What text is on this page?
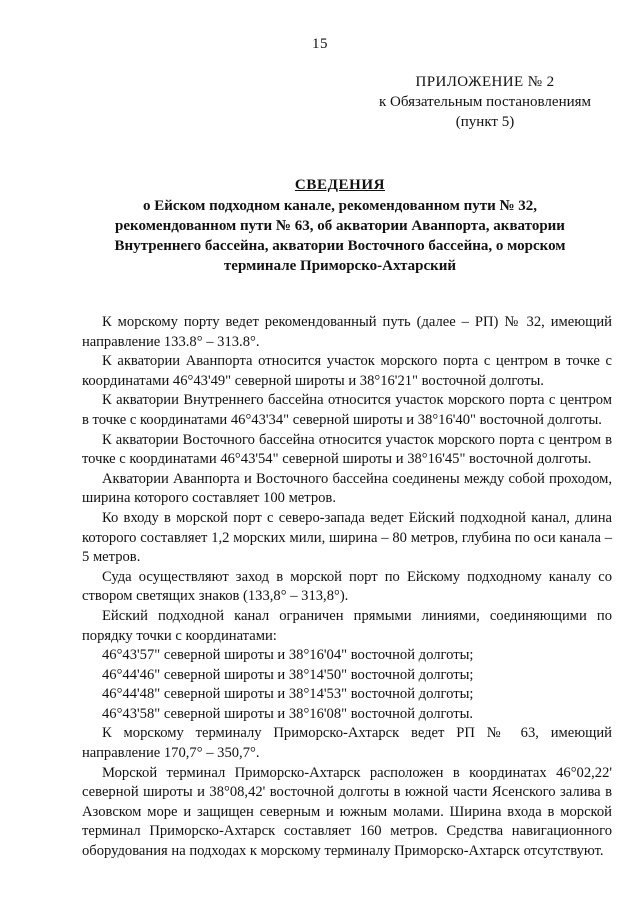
15
ПРИЛОЖЕНИЕ № 2
к Обязательным постановлениям
(пункт 5)
СВЕДЕНИЯ
о Ейском подходном канале, рекомендованном пути № 32,
рекомендованном пути № 63, об акватории Аванпорта, акватории
Внутреннего бассейна, акватории Восточного бассейна, о морском
терминале Приморско-Ахтарский

К морскому порту ведет рекомендованный путь (далее – РП) № 32, имеющий направление 133.8° – 313.8°.

К акватории Аванпорта относится участок морского порта с центром в точке с координатами 46°43'49" северной широты и 38°16'21" восточной долготы.

К акватории Внутреннего бассейна относится участок морского порта с центром в точке с координатами 46°43'34" северной широты и 38°16'40" восточной долготы.

К акватории Восточного бассейна относится участок морского порта с центром в точке с координатами 46°43'54" северной широты и 38°16'45" восточной долготы.

Акватории Аванпорта и Восточного бассейна соединены между собой проходом, ширина которого составляет 100 метров.

Ко входу в морской порт с северо-запада ведет Ейский подходной канал, длина которого составляет 1,2 морских мили, ширина – 80 метров, глубина по оси канала – 5 метров.

Суда осуществляют заход в морской порт по Ейскому подходному каналу со створом светящих знаков (133,8° – 313,8°).

Ейский подходной канал ограничен прямыми линиями, соединяющими по порядку точки с координатами:

46°43'57" северной широты и 38°16'04" восточной долготы;

46°44'46" северной широты и 38°14'50" восточной долготы;

46°44'48" северной широты и 38°14'53" восточной долготы;

46°43'58" северной широты и 38°16'08" восточной долготы.

К морскому терминалу Приморско-Ахтарск ведет РП № 63, имеющий направление 170,7° – 350,7°.

Морской терминал Приморско-Ахтарск расположен в координатах 46°02,22' северной широты и 38°08,42' восточной долготы в южной части Ясенского залива в Азовском море и защищен северным и южным молами. Ширина входа в морской терминал Приморско-Ахтарск составляет 160 метров. Средства навигационного оборудования на подходах к морскому терминалу Приморско-Ахтарск отсутствуют.
